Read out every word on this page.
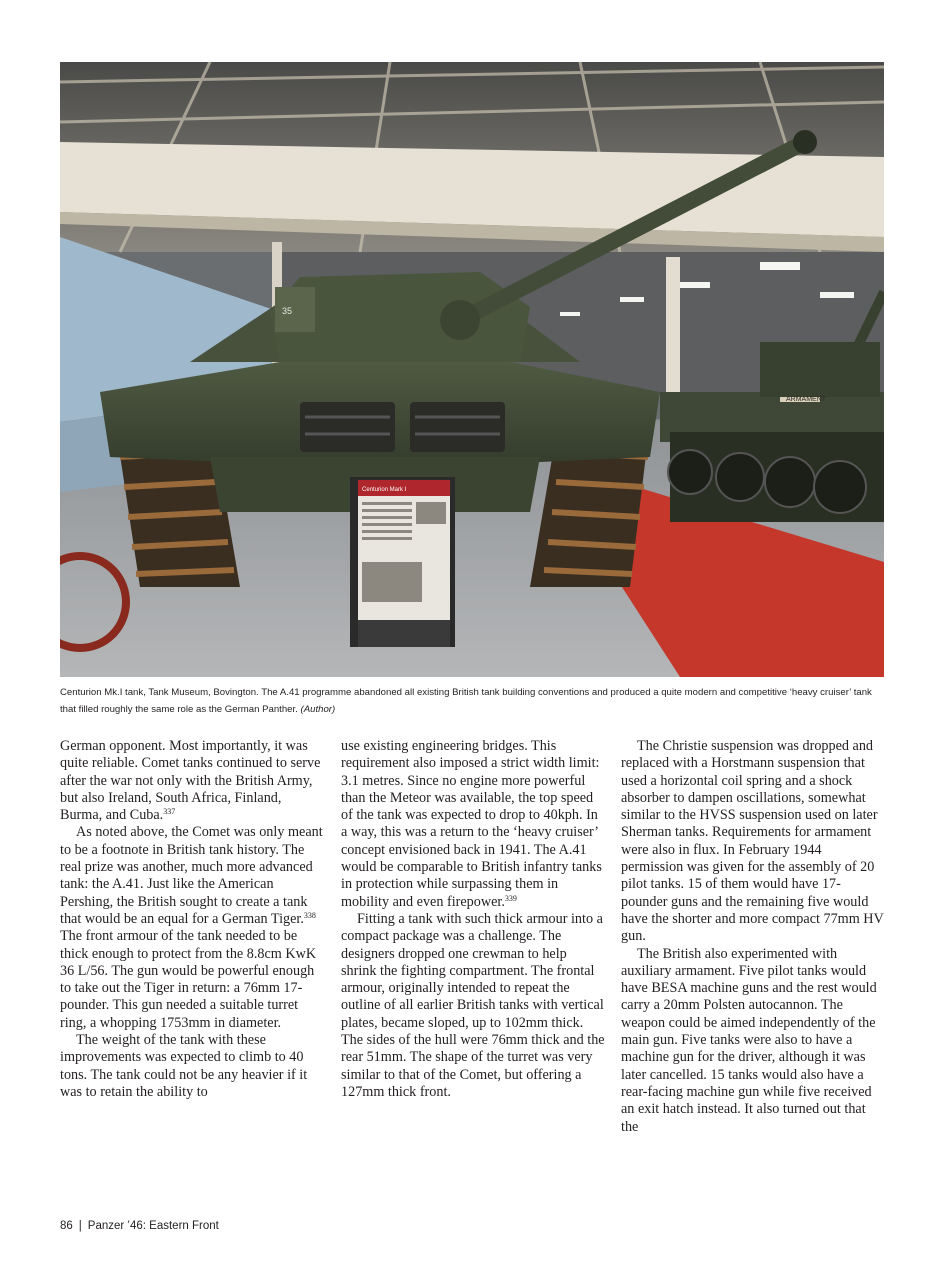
35
Centurion Mark I
ARMAMENT
Centurion Mk.I tank, Tank Museum, Bovington. The A.41 programme abandoned all existing British tank building conventions and produced a quite modern and competitive ‘heavy cruiser’ tank that filled roughly the same role as the German Panther. (Author)

German opponent. Most importantly, it was quite reliable. Comet tanks continued to serve after the war not only with the British Army, but also Ireland, South Africa, Finland, Burma, and Cuba.$^{337}$

As noted above, the Comet was only meant to be a footnote in British tank history. The real prize was another, much more advanced tank: the A.41. Just like the American Pershing, the British sought to create a tank that would be an equal for a German Tiger.$^{338}$ The front armour of the tank needed to be thick enough to protect from the 8.8cm KwK 36 L/56. The gun would be powerful enough to take out the Tiger in return: a 76mm 17-pounder. This gun needed a suitable turret ring, a whopping 1753mm in diameter.

The weight of the tank with these improvements was expected to climb to 40 tons. The tank could not be any heavier if it was to retain the ability to

use existing engineering bridges. This requirement also imposed a strict width limit: 3.1 metres. Since no engine more powerful than the Meteor was available, the top speed of the tank was expected to drop to 40kph. In a way, this was a return to the ‘heavy cruiser’ concept envisioned back in 1941. The A.41 would be comparable to British infantry tanks in protection while surpassing them in mobility and even firepower.$^{339}$

Fitting a tank with such thick armour into a compact package was a challenge. The designers dropped one crewman to help shrink the fighting compartment. The frontal armour, originally intended to repeat the outline of all earlier British tanks with vertical plates, became sloped, up to 102mm thick. The sides of the hull were 76mm thick and the rear 51mm. The shape of the turret was very similar to that of the Comet, but offering a 127mm thick front.

The Christie suspension was dropped and replaced with a Horstmann suspension that used a horizontal coil spring and a shock absorber to dampen oscillations, somewhat similar to the HVSS suspension used on later Sherman tanks. Requirements for armament were also in flux. In February 1944 permission was given for the assembly of 20 pilot tanks. 15 of them would have 17-pounder guns and the remaining five would have the shorter and more compact 77mm HV gun.

The British also experimented with auxiliary armament. Five pilot tanks would have BESA machine guns and the rest would carry a 20mm Polsten autocannon. The weapon could be aimed independently of the main gun. Five tanks were also to have a machine gun for the driver, although it was later cancelled. 15 tanks would also have a rear-facing machine gun while five received an exit hatch instead. It also turned out that the

86 | Panzer ’46: Eastern Front
